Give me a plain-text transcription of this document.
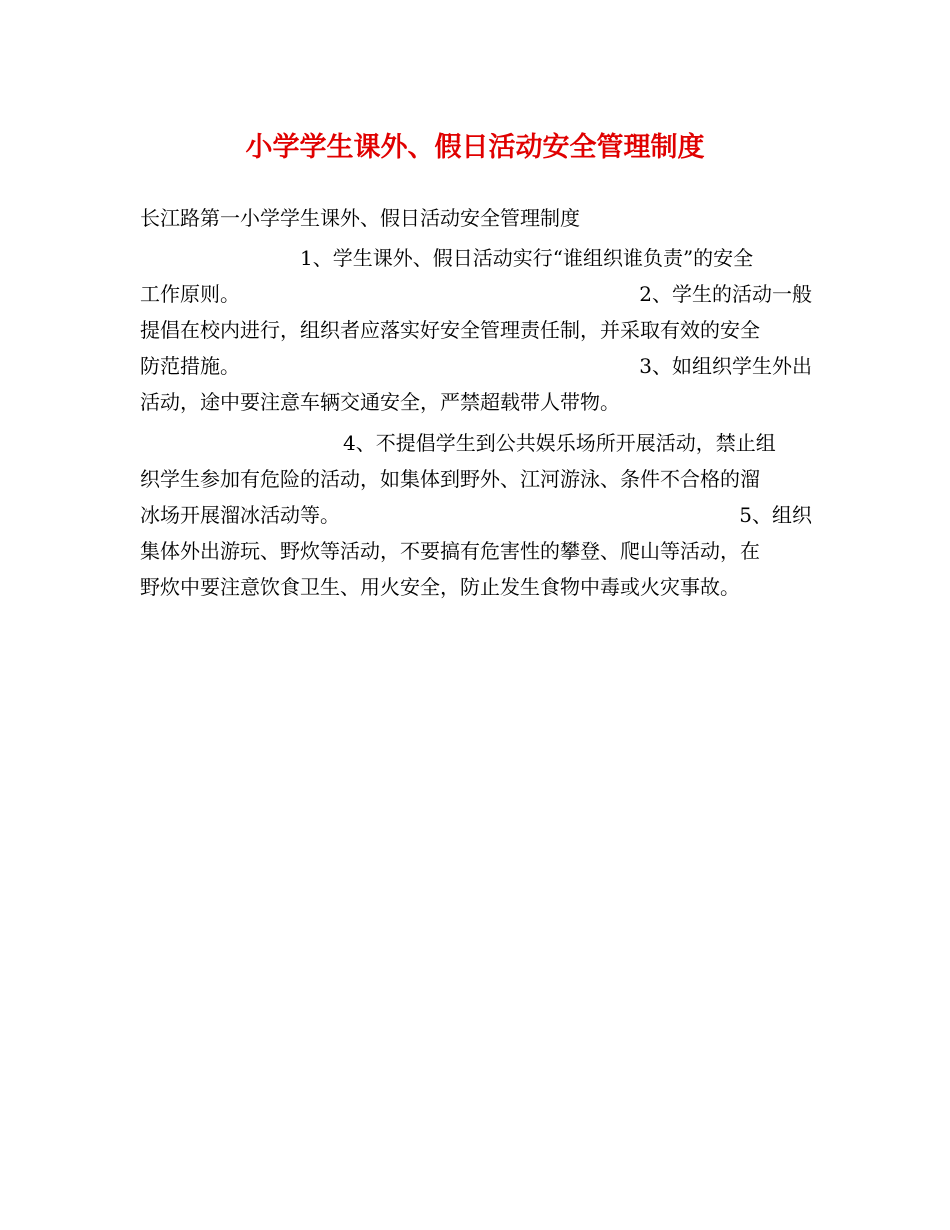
小学学生课外、假日活动安全管理制度
长江路第一小学学生课外、假日活动安全管理制度
1、学生课外、假日活动实行“谁组织谁负责”的安全
工作原则。	2、学生的活动一般
提倡在校内进行，组织者应落实好安全管理责任制，并采取有效的安全
防范措施。	3、如组织学生外出
活动，途中要注意车辆交通安全，严禁超载带人带物。
4、不提倡学生到公共娱乐场所开展活动，禁止组
织学生参加有危险的活动，如集体到野外、江河游泳、条件不合格的溜
冰场开展溜冰活动等。	5、组织
集体外出游玩、野炊等活动，不要搞有危害性的攀登、爬山等活动，在
野炊中要注意饮食卫生、用火安全，防止发生食物中毒或火灾事故。
